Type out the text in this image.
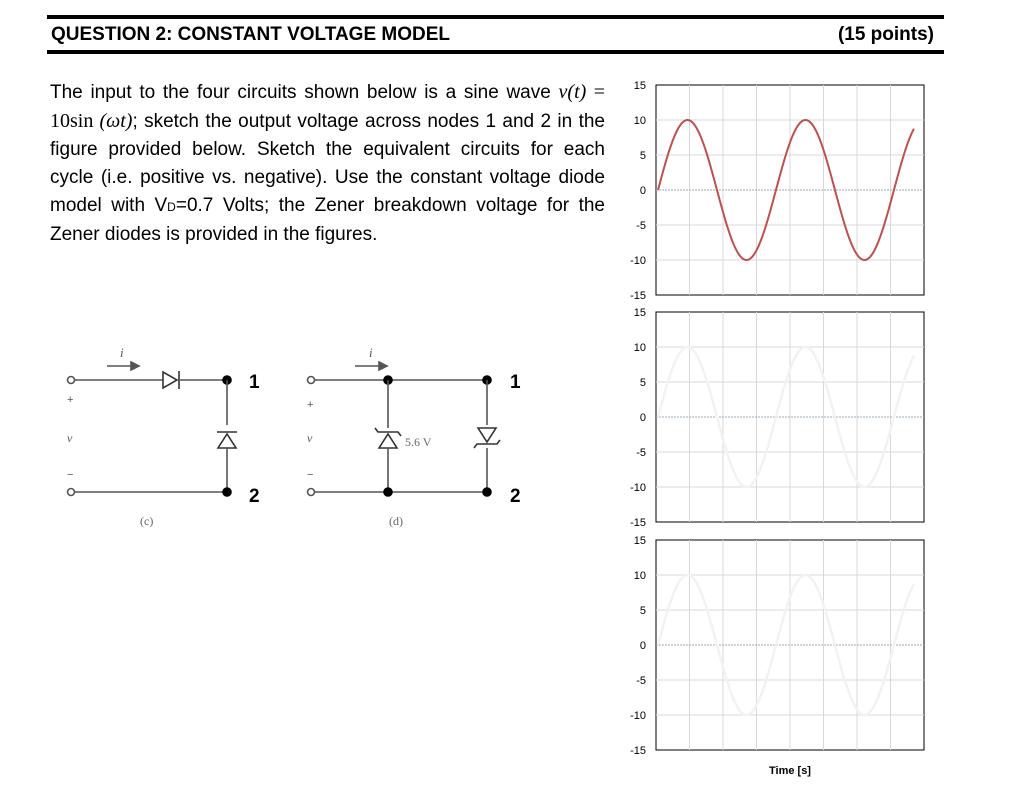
QUESTION 2: CONSTANT VOLTAGE MODEL	(15 points)
The input to the four circuits shown below is a sine wave v(t) = 10sin (ωt); sketch the output voltage across nodes 1 and 2 in the figure provided below. Sketch the equivalent circuits for each cycle (i.e. positive vs. negative). Use the constant voltage diode model with VD=0.7 Volts; the Zener breakdown voltage for the Zener diodes is provided in the figures.
i
+
v
−
1
2
(c)
i
+
v
−
5.6 V
1
2
(d)
15
10
5
0
-5
-10
-15
15
10
5
0
-5
-10
-15
15
10
5
0
-5
-10
-15
Time [s]
